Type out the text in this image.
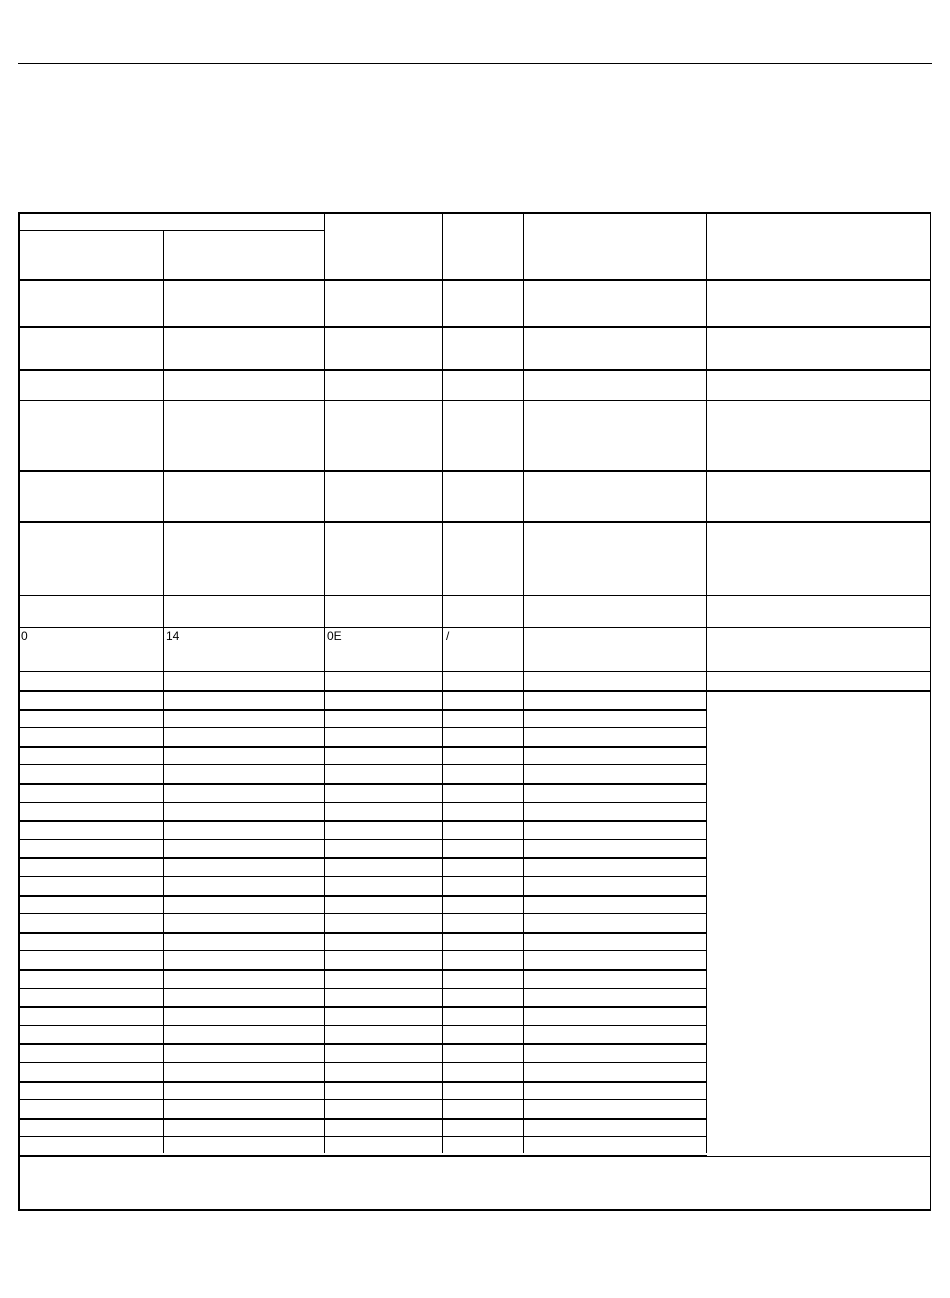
0	14	0E	/
